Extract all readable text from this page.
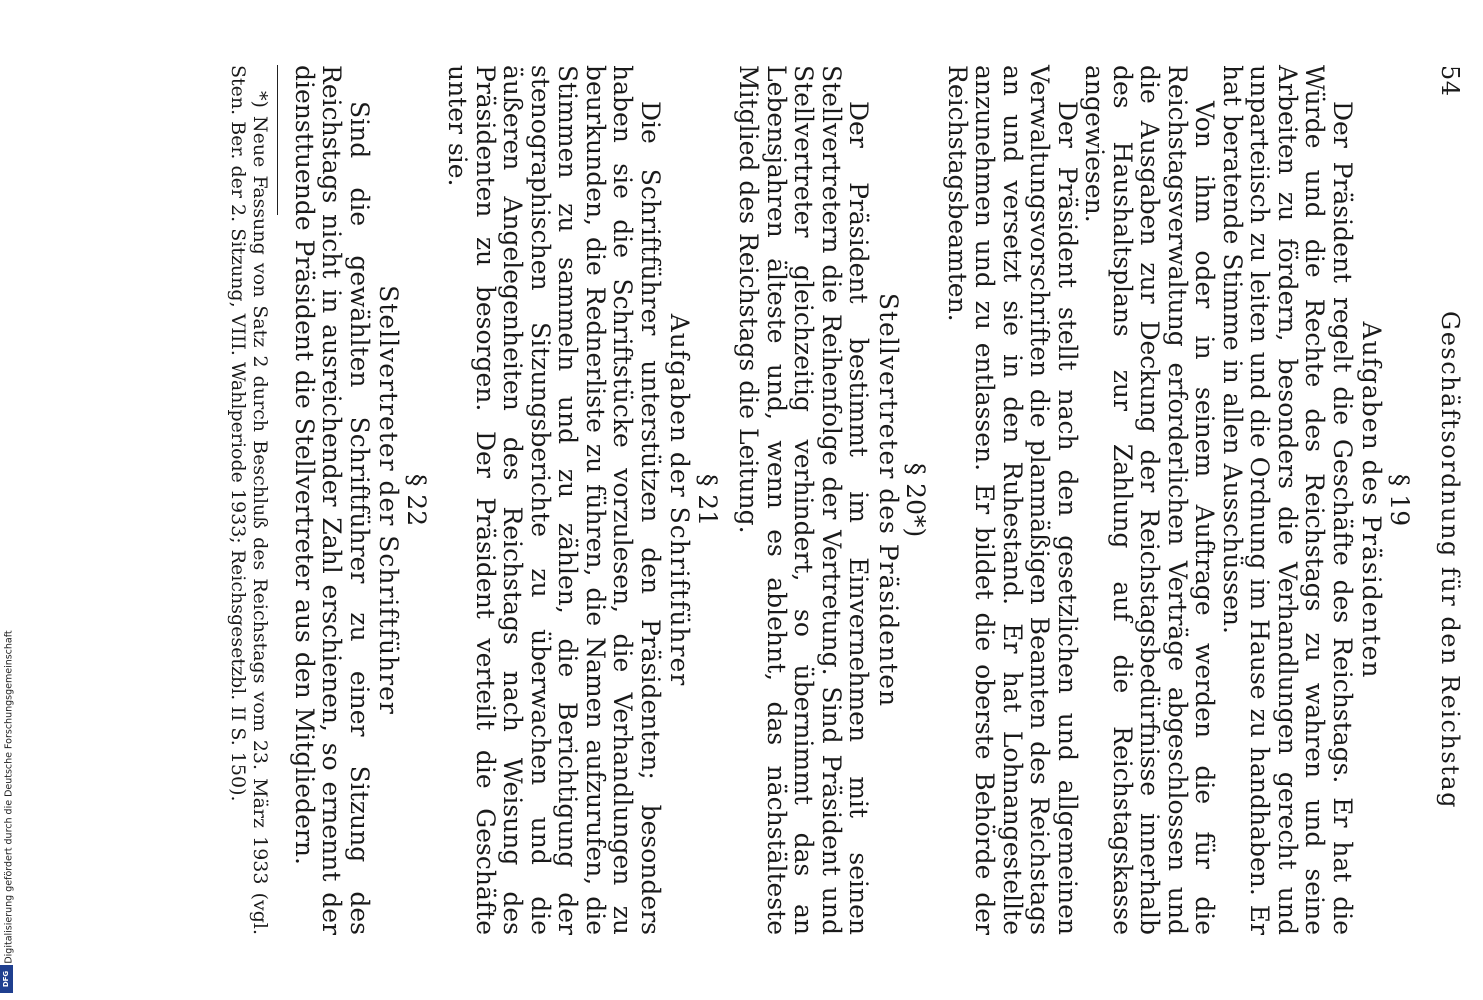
54
Geschäftsordnung für den Reichstag
§ 19
Aufgaben des Präsidenten

Der Präsident regelt die Geschäfte des Reichstags. Er hat die Würde und die Rechte des Reichstags zu wahren und seine Arbeiten zu fördern, besonders die Verhandlungen gerecht und unparteiisch zu leiten und die Ordnung im Hause zu handhaben. Er hat beratende Stimme in allen Ausschüssen.

Von ihm oder in seinem Auftrage werden die für die Reichstagsverwaltung erforderlichen Verträge abgeschlossen und die Ausgaben zur Deckung der Reichstagsbedürfnisse innerhalb des Haushaltsplans zur Zahlung auf die Reichstagskasse angewiesen.

Der Präsident stellt nach den gesetzlichen und allgemeinen Verwaltungsvorschriften die planmäßigen Beamten des Reichstags an und versetzt sie in den Ruhestand. Er hat Lohnangestellte anzunehmen und zu entlassen. Er bildet die oberste Behörde der Reichstagsbeamten.

§ 20*)
Stellvertreter des Präsidenten

Der Präsident bestimmt im Einvernehmen mit seinen Stellvertretern die Reihenfolge der Vertretung. Sind Präsident und Stellvertreter gleichzeitig verhindert, so übernimmt das an Lebensjahren älteste und, wenn es ablehnt, das nächstälteste Mitglied des Reichstags die Leitung.

§ 21
Aufgaben der Schriftführer

Die Schriftführer unterstützen den Präsidenten; besonders haben sie die Schriftstücke vorzulesen, die Verhandlungen zu beurkunden, die Rednerliste zu führen, die Namen aufzurufen, die Stimmen zu sammeln und zu zählen, die Berichtigung der stenographischen Sitzungsberichte zu überwachen und die äußeren Angelegenheiten des Reichstags nach Weisung des Präsidenten zu besorgen. Der Präsident verteilt die Geschäfte unter sie.

§ 22
Stellvertreter der Schriftführer

Sind die gewählten Schriftführer zu einer Sitzung des Reichstags nicht in ausreichender Zahl erschienen, so ernennt der diensttuende Präsident die Stellvertreter aus den Mitgliedern.

*) Neue Fassung von Satz 2 durch Beschluß des Reichstags vom 23. März 1933 (vgl. Sten. Ber. der 2. Sitzung, VIII. Wahlperiode 1933; Reichsgesetzbl. II S. 150).

Digitalisierung gefördert durch die Deutsche Forschungsgemeinschaft
DFG
